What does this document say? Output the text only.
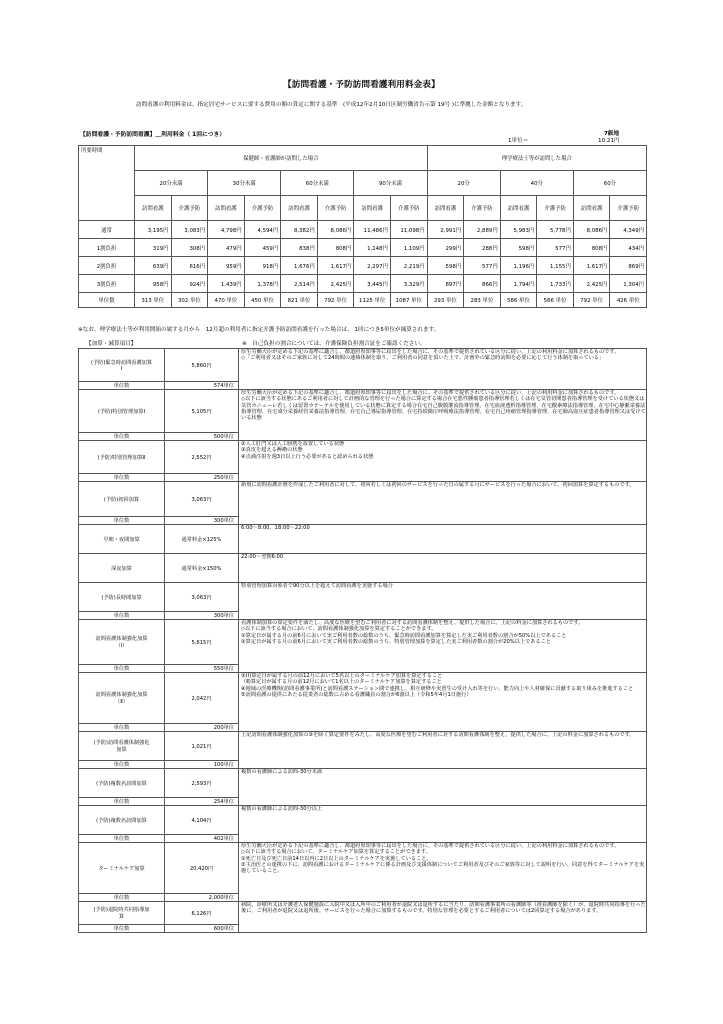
【訪問看護・予防訪問看護利用料金表】
訪問看護の利用料金は、指定居宅サービスに要する費用の額の算定に関する基準　(平成12年2月10日区制労働省告示第 19号 )に準拠した金額となります。
【訪問看護・予防訪問看護】＿利用料金（ 1回につき）	7級地
1単位＝	10.21円
所要時間	保健師・看護師が訪問した場合								理学療法士等が訪問した場合					
	20分未満		30分未満		60分未満		90分未満		20分		40分		60分	
	訪問看護	介護予防	訪問看護	介護予防	訪問看護	介護予防	訪問看護	介護予防	訪問看護	介護予防	訪問看護	介護予防	訪問看護	介護予防
通常	3,195円	3,083円	4,798円	4,594円	8,382円	8,086円	11,486円	11,098円	2,991円	2,889円	5,983円	5,778円	8,086円	4,349円
1割負担	319円	308円	479円	459円	838円	808円	1,148円	1,109円	299円	288円	598円	577円	808円	434円
2割負担	639円	616円	959円	918円	1,676円	1,617円	2,297円	2,219円	598円	577円	1,196円	1,155円	1,617円	869円
3割負担	958円	924円	1,439円	1,378円	2,514円	2,425円	3,445円	3,329円	897円	866円	1,794円	1,733円	2,425円	1,304円
単位数	313 単位	302 単位	470 単位	450 単位	821 単位	792 単位	1125 単位	1087 単位	293 単位	283 単位	586 単位	566 単位	792 単位	426 単位
※なお、理学療法士等が利用開始の属する月から　12月超の利用者に指定介護予防訪問看護を行った場合は、 1回につき5単位が減算されます。
【加算・減算項目】	※　自己負担の割合については、介護保険負担割合証をご確認ください。
(予防)緊急時訪問看護加算
Ⅰ	5,860円	厚生労働大臣が定める下記の基準に適合し、都道府県知事等に届出をした場合に、その基準で提供されている区分に従い、上記の利用料金に加算されるものです。
◇「ご利用者又はそのご家族に対して24時間の連絡体制を取り、ご利用者の同意を頂いた上で、計画外の緊急時訪問を必要に応じて行う体制を取っている」
単位数	574単位	
(予防)特別管理加算Ⅰ	5,105円	厚生労働大臣が定める下記の基準に適合し、都道府県知事等に届出をした場合に、その基準で提供されている区分に従い、上記の利用料金に加算されるものです。
◇以下に該当する状態にあるご利用者に対して計画的な管理を行った場合に算定する場合在宅悪性腫瘍患者指導管理若しくは在宅気管切開患者指導管理を受けている状態又は気管カニューレ若しくは留置カテーテルを使用している状態に算定する場合在宅自己腹膜灌流指導管理、在宅血液透析指導管理、在宅酸素療法指導管理、在宅中心静脈栄養法指導管理、在宅成分栄養経管栄養法指導管理、在宅自己導尿指導管理、在宅持続陽圧呼吸療法指導管理、在宅自己疼痛管理指導管理、在宅肺高血圧症患者指導管理又は受けている状態
単位数	500単位	
(予防)特別管理加算Ⅱ	2,552円	②人工肛門又は人工膀胱を設置している状態
③真皮を超える褥瘡の状態
④点滴注射を週3日以上行う必要があると認められる状態
単位数	250単位	
(予防)初回加算	3,063円	新規に訪問看護計画を作成したご利用者に対して、初回若しくは初回のサービスを行った日の属する月にサービスを行った場合において、初回加算を算定するものです。
単位数	300単位	
早朝・夜間加算	通常料金×125%	6:00〜8:00、18:00〜22:00
深夜加算	通常料金×150%	22:00〜翌朝6:00
(予防)長時間加算	3,063円	特別管理加算対象者で90分以上を超えて訪問看護を実施する場合
単位数	300単位	
訪問看護体制強化加算
（Ⅰ）	5,615円	看護体制加算の算定要件を満たし、高度な医療を望むご利用者に対する訪問看護体制を整え、提供した場合に、上記の料金に加算されるものです。
◇以下に該当する場合において、訪問看護体制強化加算を算定することができます。
①算定日が属する月の前6月において実ご利用者数の総数のうち、緊急時訪問看護加算を算定した実ご利用者数の割合が50%以上であること
②算定日が属する月の前6月において実ご利用者数の総数のうち、特別管理加算を算定した実ご利用者数の割合が20%以上であること
単位数	550単位	
訪問看護体制強化加算
（Ⅱ）	2,042円	③(Ⅰ)算定日が属する月の前12月において5名以上のターミナルケア加算を算定すること
（Ⅱ)算定日が属する月の前12月において1名以上のターミナルケア加算を算定すること
④地域の医療機関(訪問看護事業所)と訪問看護ステーション間で連携し、相互研修や実習生の受け入れ等を行い、能力向上や人材確保に貢献する取り組みを推進すること
⑤訪問看護の提供にあたる従業者の総数に占める看護職員の割合が6割以上（令和5年4月1日施行）
単位数	200単位	
(予防)訪問看護体制強化
加算	1,021円	上記訪問看護体制強化加算の③を除く算定要件をみたし、高度な医療を望むご利用者に対する訪問看護体制を整え、提供した場合に、上記の料金に加算されるものです。
単位数	100単位	
(予防)複数名訪問加算	2,593円	複数の看護師による訪問-30分未満
単位数	254単位	
(予防)複数名訪問加算	4,104円	複数の看護師による訪問-30分以上
単位数	402単位	
ターミナルケア加算	20,420円	厚生労働大臣が定める下記の基準に適合し、都道府県知事等に届出をした場合に、その基準で提供されている区分に従い、上記の利用料金に加算されるものです。
◇以下に該当する場合において、ターミナルケア加算を算定することができます。
①死亡日及び死亡日前14日以内に2日以上のターミナルケアを実施していること。
②主治医との連携の下に、訪問看護におけるターミナルケアに係る計画及び支援体制についてご利用者及びそのご家族等に対して説明を行い、同意を得てターミナルケアを実施していること。
単位数	2,000単位	
(予防)退院時共同指導加
算	6,126円	病院、診療所又は介護老人保健施設に入院中又は入所中のご利用者が退院又は退所するに当たり、訪問看護事業所の看護師等（准看護師を除く）が、退院時共同指導を行った後に、ご利用者が退院又は退所後、サービスを行った場合に加算するものです。特別な管理を必要とするご利用者については2回算定する場合があります。
単位数	600単位	
